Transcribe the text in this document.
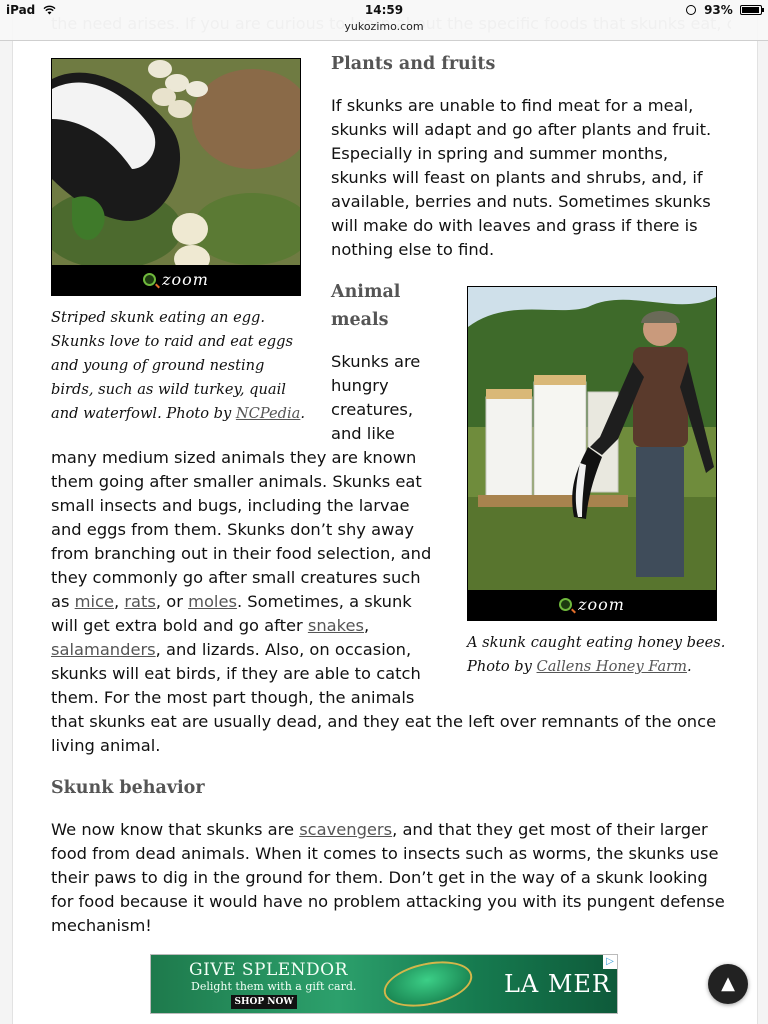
iPad	14:59
yukozimo.com
93%
zoom
Striped skunk eating an egg. Skunks love to raid and eat eggs and young of ground nesting birds, such as wild turkey, quail and waterfowl. Photo by NCPedia.
Plants and fruits
If skunks are unable to find meat for a meal,
skunks will adapt and go after plants and fruit.
Especially in spring and summer months,
skunks will feast on plants and shrubs, and, if
available, berries and nuts. Sometimes skunks
will make do with leaves and grass if there is
nothing else to find.
Animal
meals
zoom
A skunk caught eating honey bees. Photo by Callens Honey Farm.
Skunks are
hungry
creatures,
and like
many medium sized animals they are known
them going after smaller animals. Skunks eat
small insects and bugs, including the larvae
and eggs from them. Skunks don’t shy away
from branching out in their food selection, and
they commonly go after small creatures such
as mice, rats, or moles. Sometimes, a skunk
will get extra bold and go after snakes,
salamanders, and lizards. Also, on occasion,
skunks will eat birds, if they are able to catch
them. For the most part though, the animals
that skunks eat are usually dead, and they eat the left over remnants of the once
living animal.
Skunk behavior
We now know that skunks are scavengers, and that they get most of their larger
food from dead animals. When it comes to insects such as worms, the skunks use
their paws to dig in the ground for them. Don’t get in the way of a skunk looking
for food because it would have no problem attacking you with its pungent defense
mechanism!
GIVE SPLENDOR
Delight them with a gift card.
SHOP NOW
LA MER
▷
▲
